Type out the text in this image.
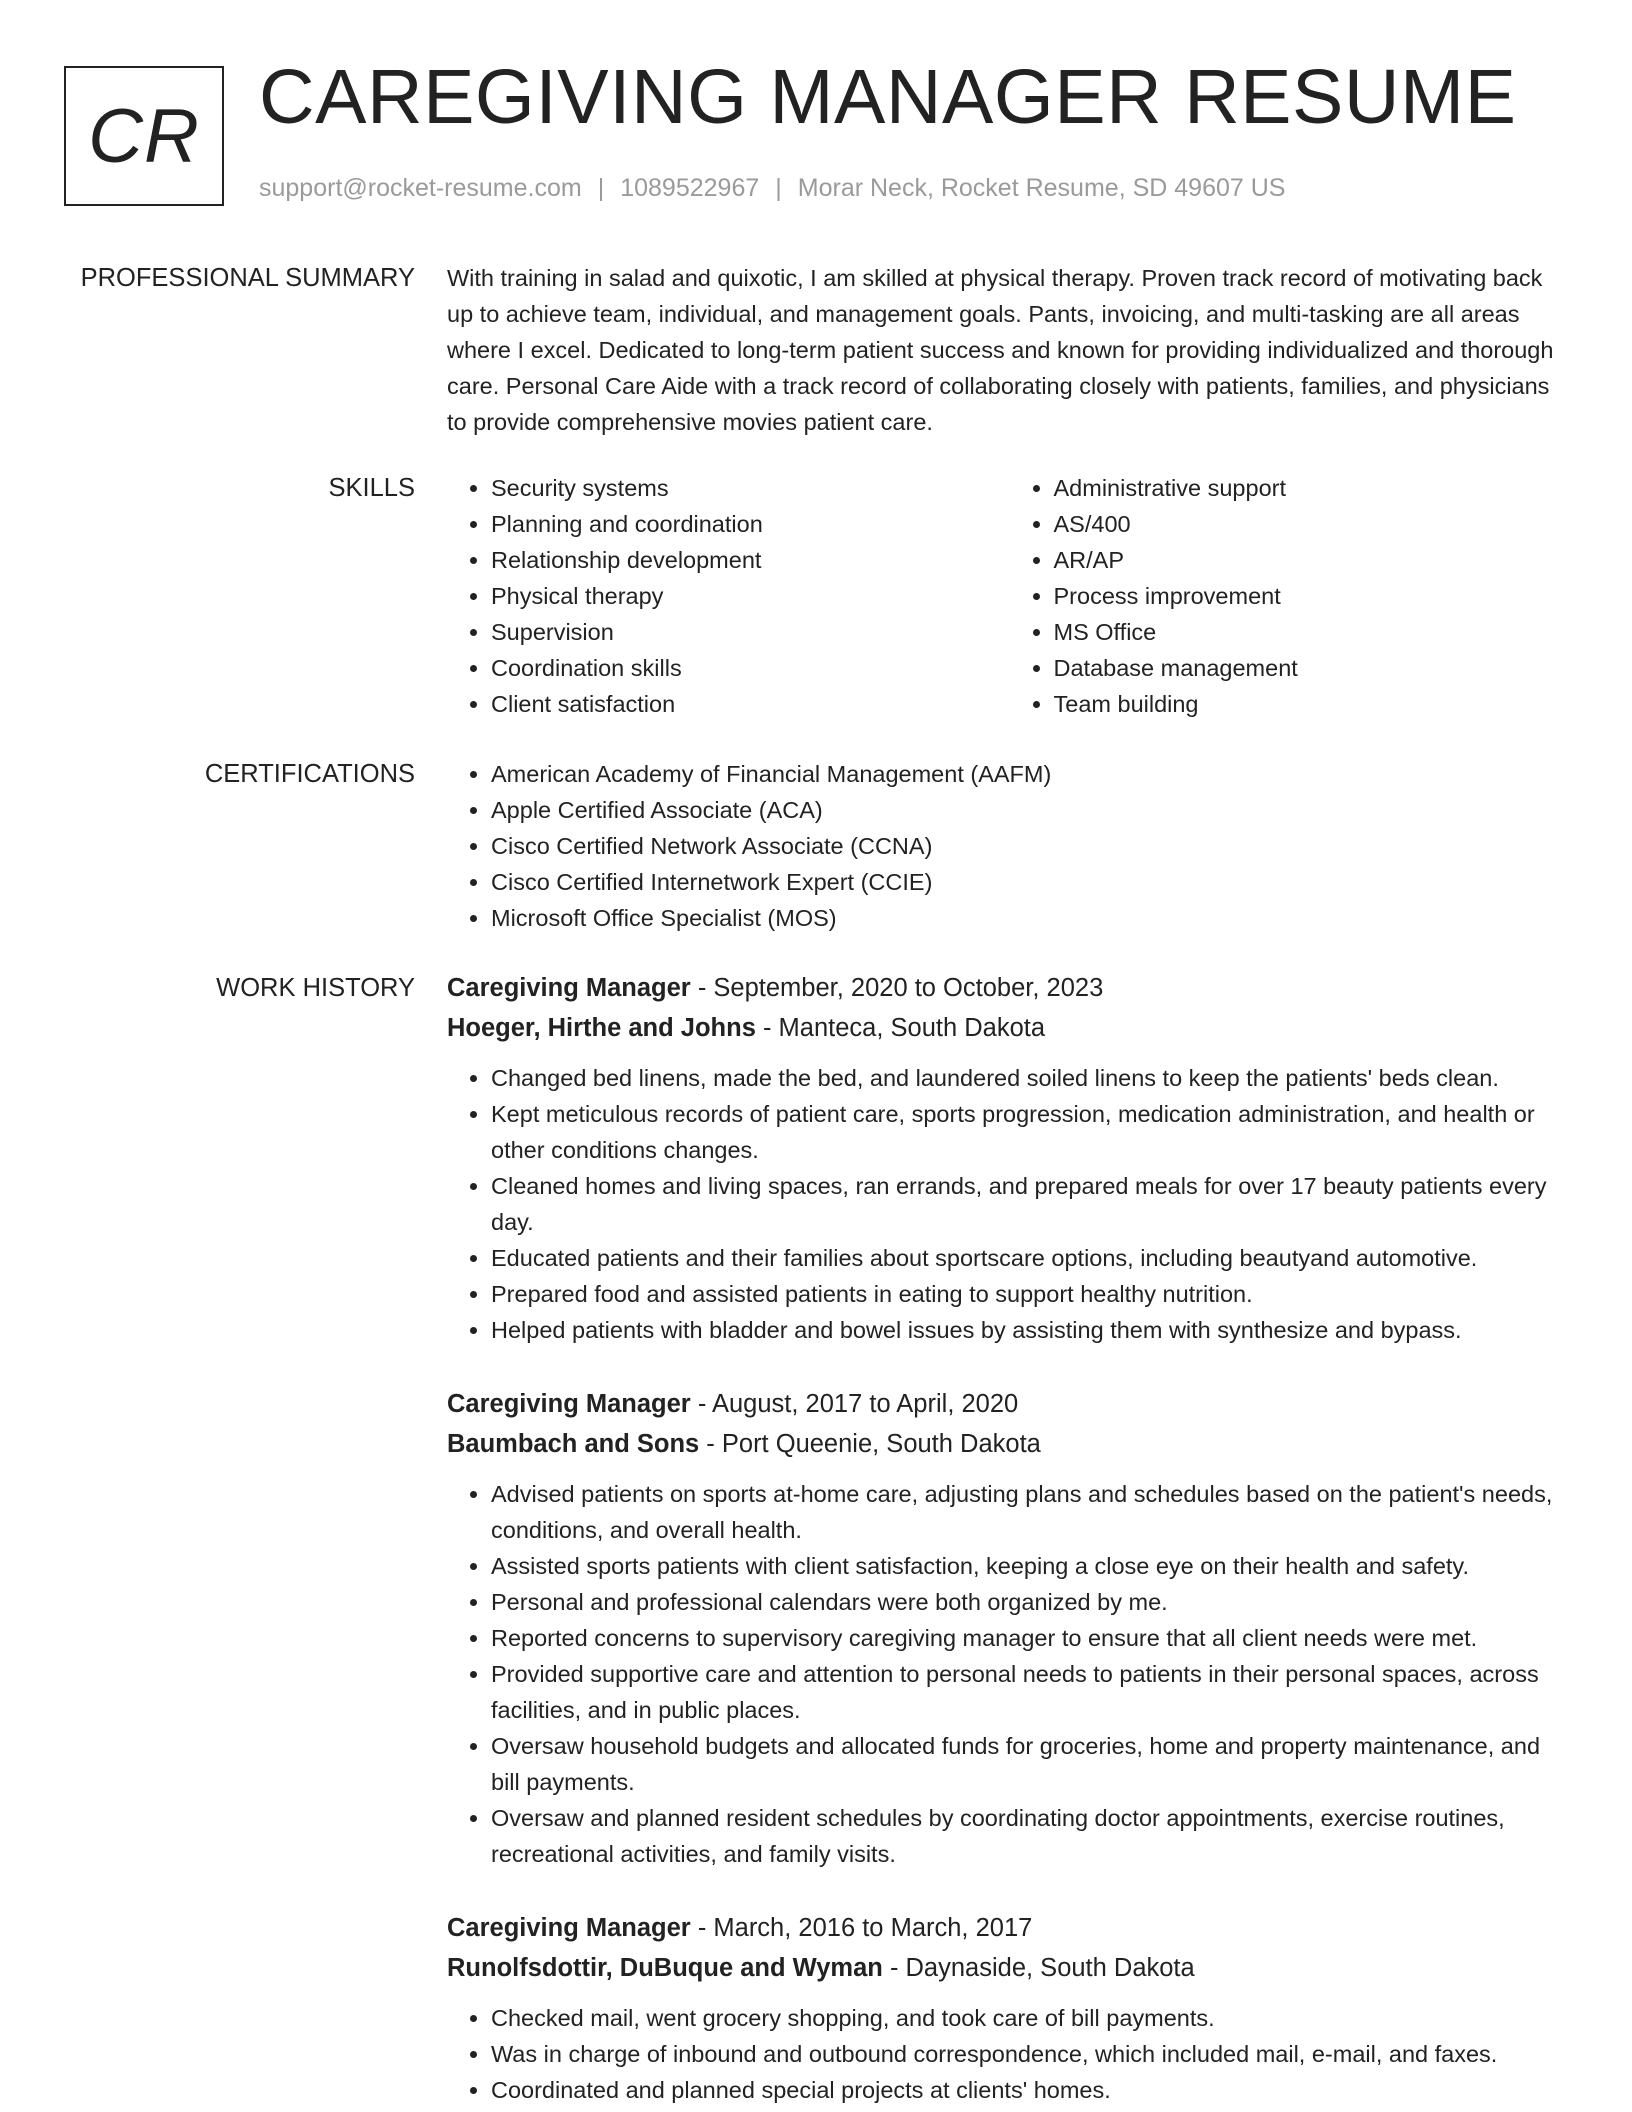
CR CAREGIVING MANAGER RESUME
support@rocket-resume.com | 1089522967 | Morar Neck, Rocket Resume, SD 49607 US
PROFESSIONAL SUMMARY With training in salad and quixotic, I am skilled at physical therapy. Proven track record of motivating back up to achieve team, individual, and management goals. Pants, invoicing, and multi-tasking are all areas where I excel. Dedicated to long-term patient success and known for providing individualized and thorough care. Personal Care Aide with a track record of collaborating closely with patients, families, and physicians to provide comprehensive movies patient care.
SKILLS	• Security systems
• Planning and coordination
• Relationship development
• Physical therapy
• Supervision
• Coordination skills
• Client satisfaction
• Administrative support
• AS/400
• AR/AP
• Process improvement
• MS Office
• Database management
• Team building
CERTIFICATIONS	• American Academy of Financial Management (AAFM)
• Apple Certified Associate (ACA)
• Cisco Certified Network Associate (CCNA)
• Cisco Certified Internetwork Expert (CCIE)
• Microsoft Office Specialist (MOS)
WORK HISTORY Caregiving Manager - September, 2020 to October, 2023
Hoeger, Hirthe and Johns - Manteca, South Dakota
• Changed bed linens, made the bed, and laundered soiled linens to keep the patients' beds clean.
• Kept meticulous records of patient care, sports progression, medication administration, and health or other conditions changes.
• Cleaned homes and living spaces, ran errands, and prepared meals for over 17 beauty patients every day.
• Educated patients and their families about sportscare options, including beautyand automotive.
• Prepared food and assisted patients in eating to support healthy nutrition.
• Helped patients with bladder and bowel issues by assisting them with synthesize and bypass.
Caregiving Manager - August, 2017 to April, 2020
Baumbach and Sons - Port Queenie, South Dakota
• Advised patients on sports at-home care, adjusting plans and schedules based on the patient's needs, conditions, and overall health.
• Assisted sports patients with client satisfaction, keeping a close eye on their health and safety.
• Personal and professional calendars were both organized by me.
• Reported concerns to supervisory caregiving manager to ensure that all client needs were met.
• Provided supportive care and attention to personal needs to patients in their personal spaces, across facilities, and in public places.
• Oversaw household budgets and allocated funds for groceries, home and property maintenance, and bill payments.
• Oversaw and planned resident schedules by coordinating doctor appointments, exercise routines, recreational activities, and family visits.
Caregiving Manager - March, 2016 to March, 2017
Runolfsdottir, DuBuque and Wyman - Daynaside, South Dakota
• Checked mail, went grocery shopping, and took care of bill payments.
• Was in charge of inbound and outbound correspondence, which included mail, e-mail, and faxes.
• Coordinated and planned special projects at clients' homes.
